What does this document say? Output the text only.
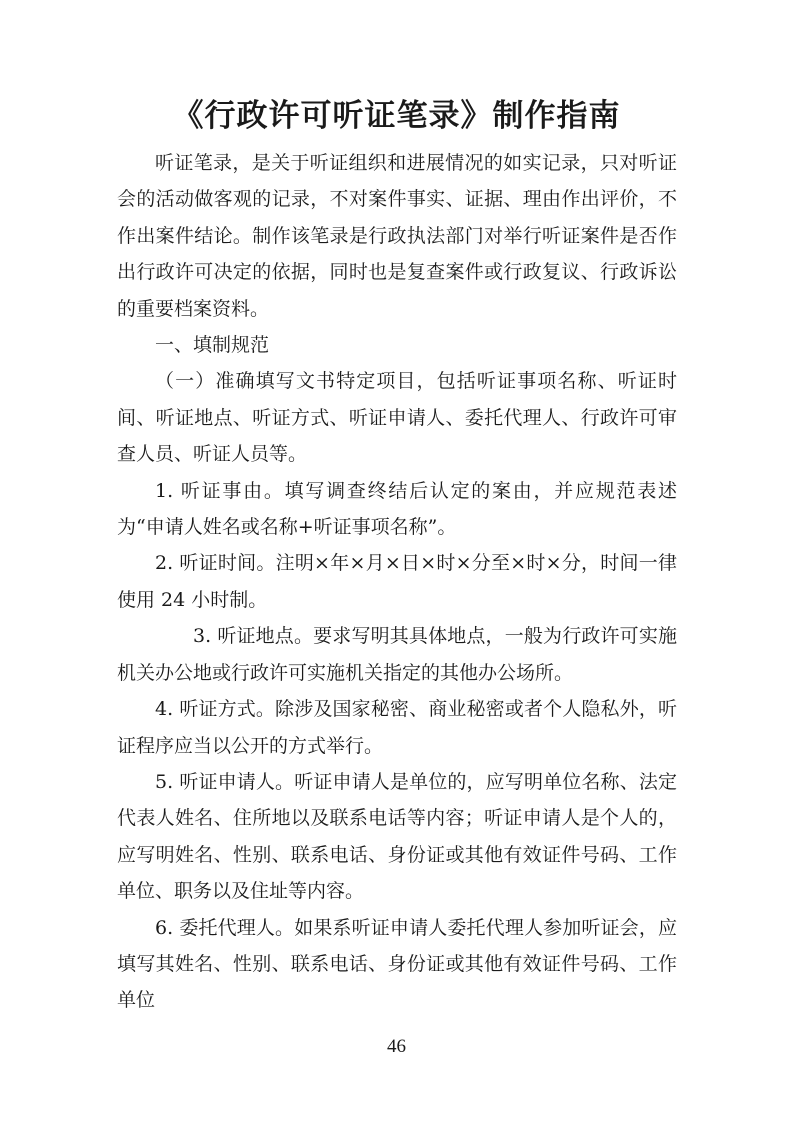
《行政许可听证笔录》制作指南

听证笔录，是关于听证组织和进展情况的如实记录，只对听证会的活动做客观的记录，不对案件事实、证据、理由作出评价，不作出案件结论。制作该笔录是行政执法部门对举行听证案件是否作出行政许可决定的依据，同时也是复查案件或行政复议、行政诉讼的重要档案资料。

一、填制规范

（一）准确填写文书特定项目，包括听证事项名称、听证时间、听证地点、听证方式、听证申请人、委托代理人、行政许可审查人员、听证人员等。

1. 听证事由。填写调查终结后认定的案由，并应规范表述为“申请人姓名或名称+听证事项名称”。

2. 听证时间。注明×年×月×日×时×分至×时×分，时间一律使用 24 小时制。

3. 听证地点。要求写明其具体地点，一般为行政许可实施机关办公地或行政许可实施机关指定的其他办公场所。

4. 听证方式。除涉及国家秘密、商业秘密或者个人隐私外，听证程序应当以公开的方式举行。

5. 听证申请人。听证申请人是单位的，应写明单位名称、法定代表人姓名、住所地以及联系电话等内容；听证申请人是个人的，应写明姓名、性别、联系电话、身份证或其他有效证件号码、工作单位、职务以及住址等内容。

6. 委托代理人。如果系听证申请人委托代理人参加听证会，应填写其姓名、性别、联系电话、身份证或其他有效证件号码、工作单位

46
